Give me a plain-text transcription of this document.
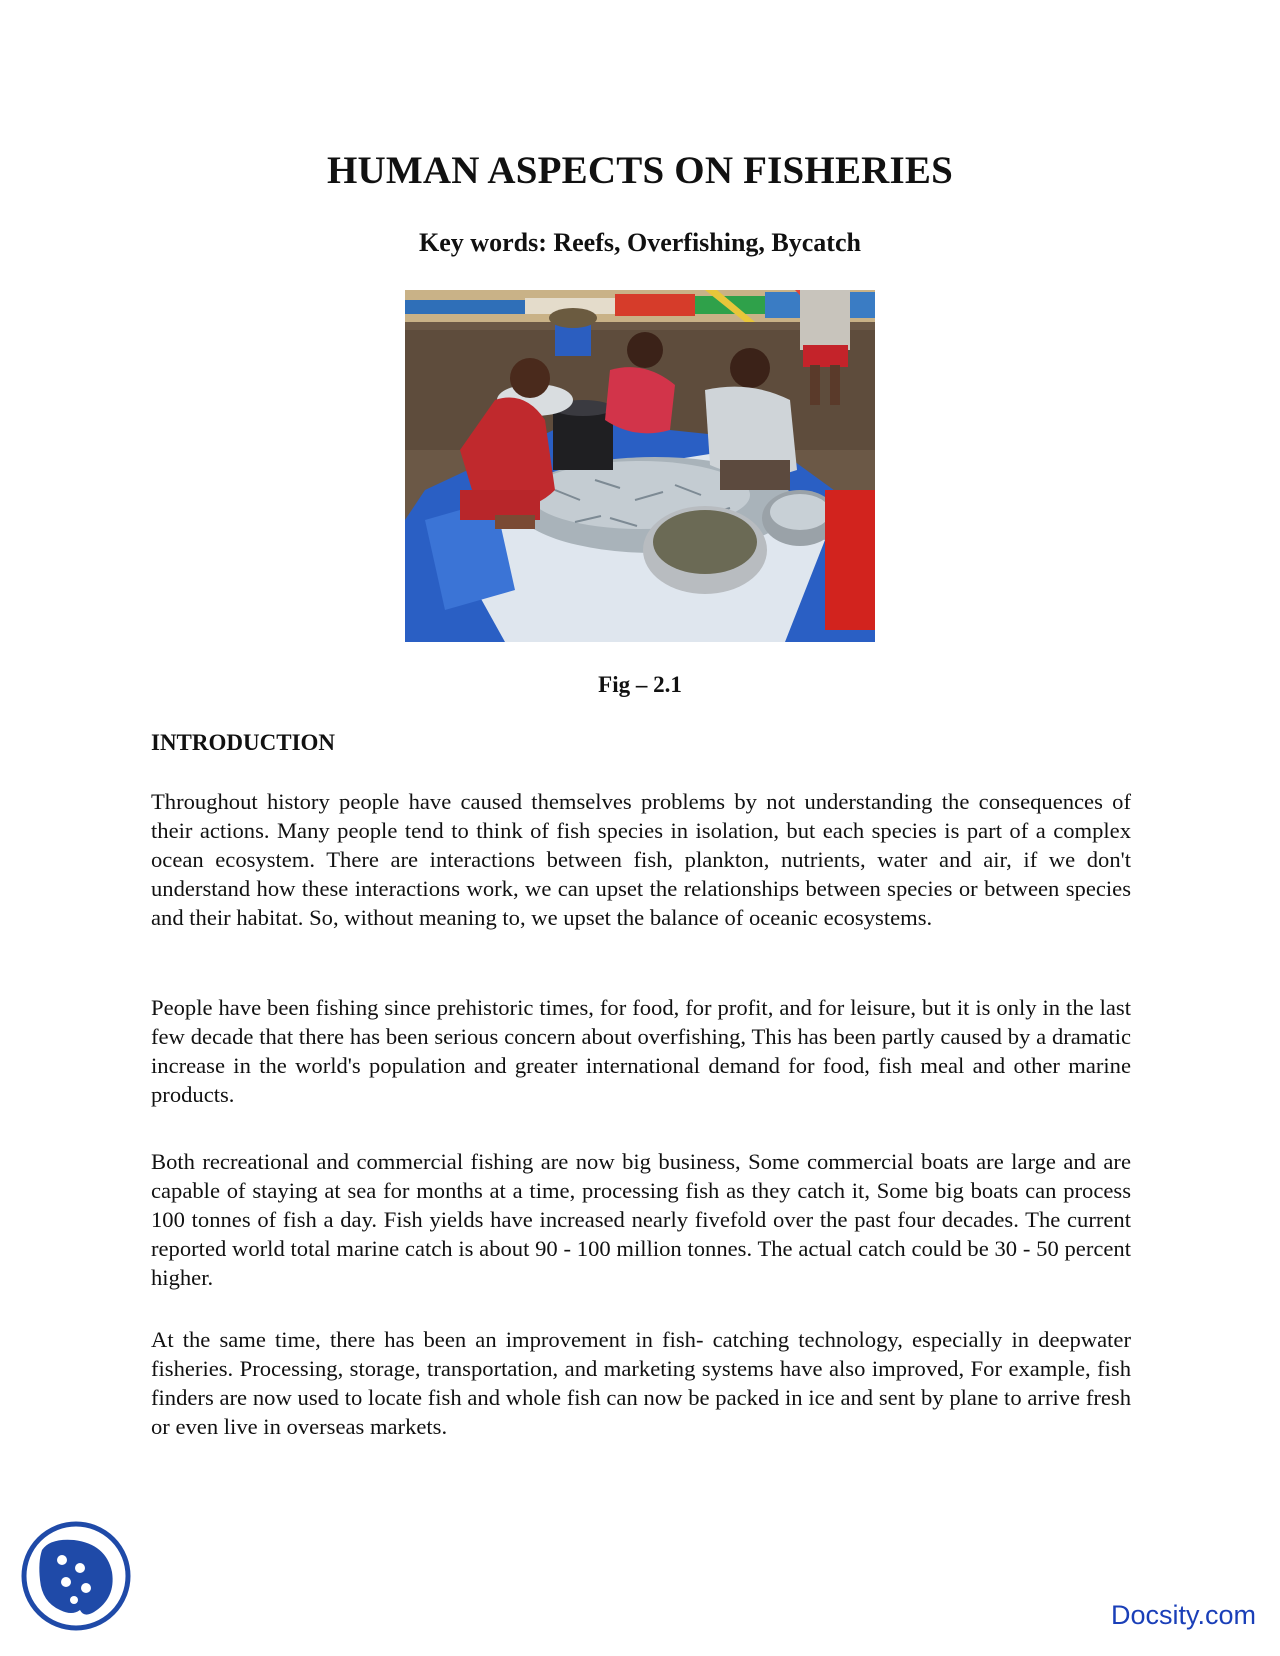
HUMAN ASPECTS ON FISHERIES

Key words: Reefs, Overfishing, Bycatch

Fig – 2.1

INTRODUCTION

Throughout history people have caused themselves problems by not understanding the consequences of their actions. Many people tend to think of fish species in isolation, but each species is part of a complex ocean ecosystem. There are interactions between fish, plankton, nutrients, water and air, if we don't understand how these interactions work, we can upset the relationships between species or between species and their habitat. So, without meaning to, we upset the balance of oceanic ecosystems.

People have been fishing since prehistoric times, for food, for profit, and for leisure, but it is only in the last few decade that there has been serious concern about overfishing, This has been partly caused by a dramatic increase in the world's population and greater international demand for food, fish meal and other marine products.

Both recreational and commercial fishing are now big business, Some commercial boats are large and are capable of staying at sea for months at a time, processing fish as they catch it, Some big boats can process 100 tonnes of fish a day. Fish yields have increased nearly fivefold over the past four decades. The current reported world total marine catch is about 90 - 100 million tonnes. The actual catch could be 30 - 50 percent higher.

At the same time, there has been an improvement in fish- catching technology, especially in deepwater fisheries. Processing, storage, transportation, and marketing systems have also improved, For example, fish finders are now used to locate fish and whole fish can now be packed in ice and sent by plane to arrive fresh or even live in overseas markets.

Docsity.com
